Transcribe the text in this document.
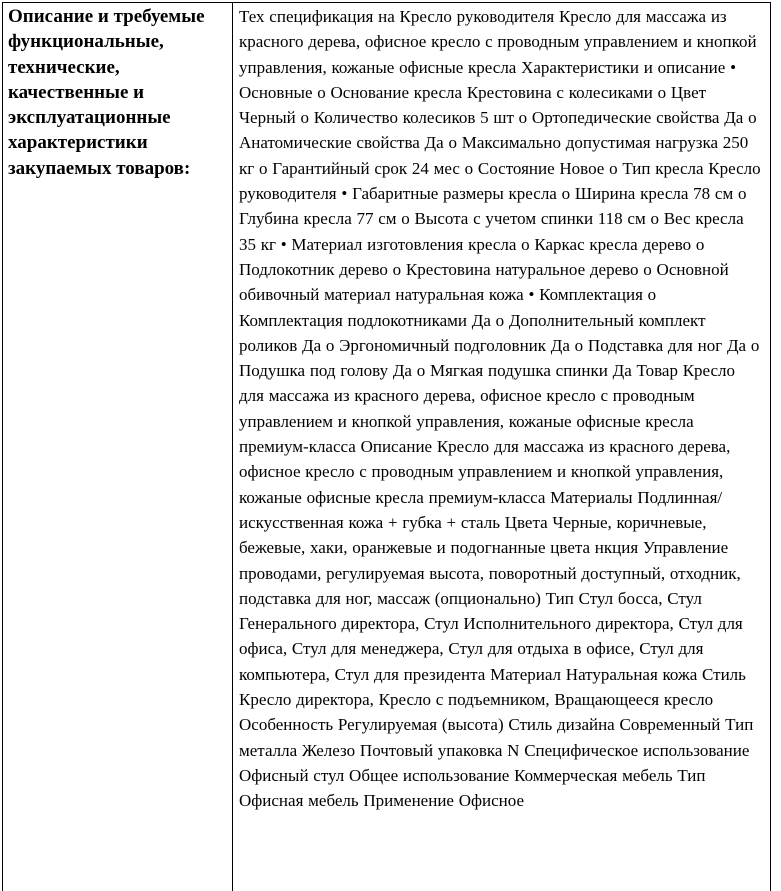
Описание и требуемые функциональные, технические, качественные и эксплуатационные характеристики закупаемых товаров:	Тех спецификация на Кресло руководителя Кресло для массажа из красного дерева, офисное кресло с проводным управлением и кнопкой управления, кожаные офисные кресла Характеристики и описание • Основные о Основание кресла Крестовина с колесиками о Цвет Черный о Количество колесиков 5 шт о Ортопедические свойства Да о Анатомические свойства Да о Максимально допустимая нагрузка 250 кг о Гарантийный срок 24 мес о Состояние Новое о Тип кресла Кресло руководителя • Габаритные размеры кресла о Ширина кресла 78 см о Глубина кресла 77 см о Высота с учетом спинки 118 см о Вес кресла 35 кг • Материал изготовления кресла о Каркас кресла дерево о Подлокотник дерево о Крестовина натуральное дерево о Основной обивочный материал натуральная кожа • Комплектация о Комплектация подлокотниками Да о Дополнительный комплект роликов Да о Эргономичный подголовник Да о Подставка для ног Да о Подушка под голову Да о Мягкая подушка спинки Да Товар Кресло для массажа из красного дерева, офисное кресло с проводным управлением и кнопкой управления, кожаные офисные кресла премиум-класса Описание Кресло для массажа из красного дерева, офисное кресло с проводным управлением и кнопкой управления, кожаные офисные кресла премиум-класса Материалы Подлинная/искусственная кожа + губка + сталь Цвета Черные, коричневые, бежевые, хаки, оранжевые и подогнанные цвета нкция Управление проводами, регулируемая высота, поворотный доступный, отходник, подставка для ног, массаж (опционально) Тип Стул босса, Стул Генерального директора, Стул Исполнительного директора, Стул для офиса, Стул для менеджера, Стул для отдыха в офисе, Стул для компьютера, Стул для президента Материал Натуральная кожа Стиль Кресло директора, Кресло с подъемником, Вращающееся кресло Особенность Регулируемая (высота) Стиль дизайна Современный Тип металла Железо Почтовый упаковка N Специфическое использование Офисный стул Общее использование Коммерческая мебель Тип Офисная мебель Применение Офисное
